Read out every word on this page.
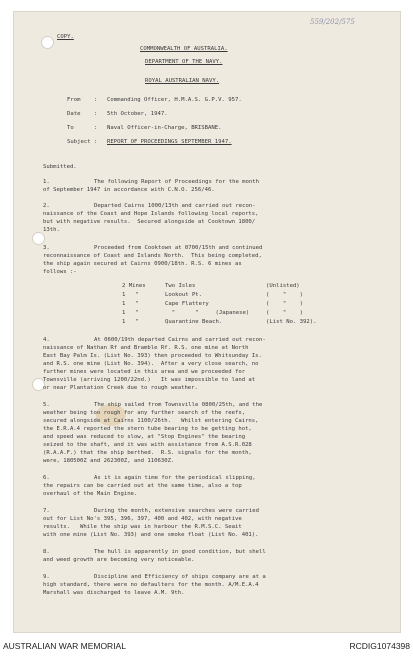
559/202/575
COPY.
COMMONWEALTH OF AUSTRALIA.
DEPARTMENT OF THE NAVY.
ROYAL AUSTRALIAN NAVY.
From : Commanding Officer, H.M.A.S. G.P.V. 957.
Date : 5th October, 1947.
To	: Naval Officer-in-Charge, BRISBANE.
Subject : REPORT OF PROCEEDINGS SEPTEMBER 1947.
Submitted.
1.	The following Report of Proceedings for the month
of September 1947 in accordance with C.N.O. 256/46.
2.	Departed Cairns 1000/13th and carried out recon-
naissance of the Coast and Hope Islands following local reports,
but with negative results.  Secured alongside at Cooktown 1800/
13th.
3.	Proceeded from Cooktown at 0700/15th and continued
reconnaissance of Coast and Islands North.  This being completed,
the ship again secured at Cairns 0900/18th. R.S. 6 mines as
follows :-
2 Mines	Two Isles	(Unlisted)
1   "	Lookout Pt.	(    "    )
1   "	Cape Flattery	(    "    )
1   "	"      "     (Japanese)	(    "    )
1   "	Quarantine Beach.	(List No. 392).
4.	At 0600/19th departed Cairns and carried out recon-
naissance of Nathan Rf and Bramble Rf. R.S. one mine at North
East Bay Palm Is. (List No. 393) then proceeded to Whitsunday Is.
and R.S. one mine (List No. 394).  After a very close search, no
further mines were located in this area and we proceeded for
Townsville (arriving 1200/22nd.)   It was impossible to land at
or near Plantation Creek due to rough weather.
5.	The ship sailed from Townsville 0800/25th, and the
weather being too rough for any further search of the reefs,
secured alongside at Cairns 1100/26th.   Whilst entering Cairns,
the E.R.A.4 reported the stern tube bearing to be getting hot,
and speed was reduced to slow, at "Stop Engines" the bearing
seized to the shaft, and it was with assistance from A.S.R.028
(R.A.A.F.) that the ship berthed.  R.S. signals for the month,
were, 180500Z and 262300Z, and 110630Z.
6.	As it is again time for the periodical slipping,
the repairs can be carried out at the same time, also a top
overhaul of the Main Engine.
7.	During the month, extensive searches were carried
out for List No's 395, 396, 397, 400 and 402, with negative
results.   While the ship was in harbour the R.M.S.C. Seait
with one mine (List No. 393) and one smoke float (List No. 401).
8.	The hull is apparently in good condition, but shell
and weed growth are becoming very noticeable.
9.	Discipline and Efficiency of ships company are at a
high standard, there were no defaulters for the month. A/M.E.A.4
Marshall was discharged to leave A.M. 9th.
AUSTRALIAN WAR MEMORIAL	RCDIG1074398
